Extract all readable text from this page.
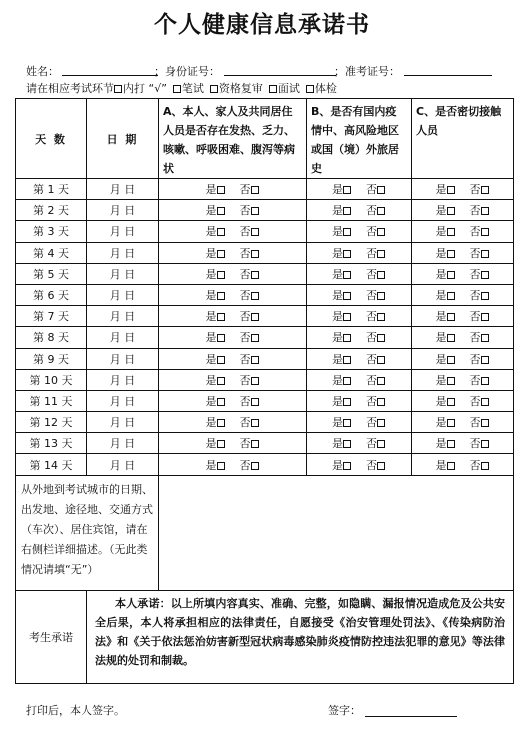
个人健康信息承诺书
姓名：	；身份证号：	；准考证号：
请在相应考试环节 内打 “√” 笔试 资格复审 面试 体检
天 数	日 期	A、本人、家人及共同居住人员是否存在发热、乏力、咳嗽、呼吸困难、腹泻等病状	B、是否有国内疫情中、高风险地区或国（境）外旅居史	C、是否密切接触人员
第 1 天	月 日	是 否	是 否	是 否
第 2 天	月 日	是 否	是 否	是 否
第 3 天	月 日	是 否	是 否	是 否
第 4 天	月 日	是 否	是 否	是 否
第 5 天	月 日	是 否	是 否	是 否
第 6 天	月 日	是 否	是 否	是 否
第 7 天	月 日	是 否	是 否	是 否
第 8 天	月 日	是 否	是 否	是 否
第 9 天	月 日	是 否	是 否	是 否
第 10 天	月 日	是 否	是 否	是 否
第 11 天	月 日	是 否	是 否	是 否
第 12 天	月 日	是 否	是 否	是 否
第 13 天	月 日	是 否	是 否	是 否
第 14 天	月 日	是 否	是 否	是 否
从外地到考试城市的日期、出发地、途径地、交通方式（车次）、居住宾馆，请在右侧栏详细描述。（无此类情况请填“无”）				
考生承诺	本人承诺：以上所填内容真实、准确、完整，如隐瞒、漏报情况造成危及公共安全后果，本人将承担相应的法律责任，自愿接受《治安管理处罚法》、《传染病防治法》和《关于依法惩治妨害新型冠状病毒感染肺炎疫情防控违法犯罪的意见》等法律法规的处罚和制裁。			
打印后，本人签字。	签字：
